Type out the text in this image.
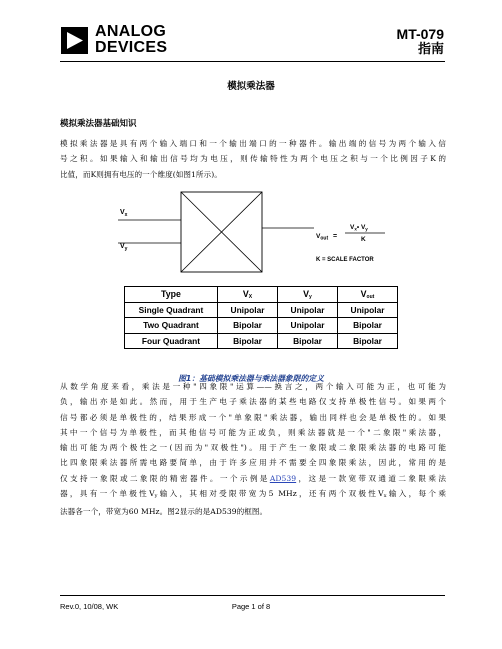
ANALOG
DEVICES
MT-079
指南
模拟乘法器
模拟乘法器基础知识
模拟乘法器是具有两个输入端口和一个输出端口的一种器件。输出端的信号为两个输入信
号之积。如果输入和输出信号均为电压，则传输特性为两个电压之积与一个比例因子K的
比值，而K则拥有电压的一个维度(如图1所示)。
$V_x$
$V_y$
$V_{out}$ =
$V_x•$ $V_y$
K
K = SCALE FACTOR
Type	$V_X$	$V_y$	$V_{out}$
Single Quadrant	Unipolar	Unipolar	Unipolar
Two Quadrant	Bipolar	Unipolar	Bipolar
Four Quadrant	Bipolar	Bipolar	Bipolar
图1：基础模拟乘法器与乘法器象限的定义
从数学角度来看，乘法是一种"四象限"运算——换言之，两个输入可能为正，也可能为
负，输出亦是如此。然而，用于生产电子乘法器的某些电路仅支持单极性信号。如果两个
信号都必须是单极性的，结果形成一个"单象限"乘法器，输出同样也会是单极性的。如果
其中一个信号为单极性，而其他信号可能为正或负，则乘法器就是一个"二象限"乘法器，
输出可能为两个极性之一(因而为"双极性")。用于产生一象限或二象限乘法器的电路可能
比四象限乘法器所需电路要简单，由于许多应用并不需要全四象限乘法，因此，常用的是
仅支持一象限或二象限的精密器件。一个示例是AD539，这是一款宽带双通道二象限乘法
器，具有一个单极性$V_y$输入，其相对受限带宽为5 MHz，还有两个双极性$V_x$输入，每个乘
法器各一个，带宽为60 MHz。图2显示的是AD539的框图。
Rev.0, 10/08, WK	Page 1 of 8
